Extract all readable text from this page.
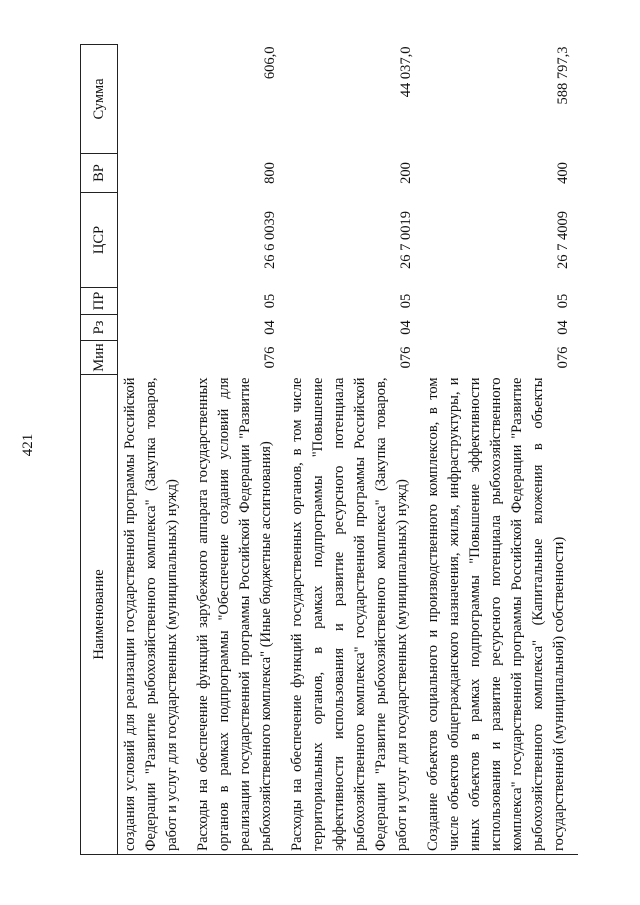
421
Наименование	Мин	Рз	ПР	ЦСР	ВР	Сумма
создания условий для реализации государственной программы Российской Федерации "Развитие рыбохозяйственного комплекса" (Закупка товаров, работ и услуг для государственных (муниципальных) нужд)						
Расходы на обеспечение функций зарубежного аппарата государственных органов в рамках подпрограммы "Обеспечение создания условий для реализации государственной программы Российской Федерации "Развитие рыбохозяйственного комплекса" (Иные бюджетные ассигнования)	076	04	05	26 6 0039	800	606,0
Расходы на обеспечение функций государственных органов, в том числе территориальных органов, в рамках подпрограммы "Повышение эффективности использования и развитие ресурсного потенциала рыбохозяйственного комплекса" государственной программы Российской Федерации "Развитие рыбохозяйственного комплекса" (Закупка товаров, работ и услуг для государственных (муниципальных) нужд)	076	04	05	26 7 0019	200	44 037,0
Создание объектов социального и производственного комплексов, в том числе объектов общегражданского назначения, жилья, инфраструктуры, и иных объектов в рамках подпрограммы "Повышение эффективности использования и развитие ресурсного потенциала рыбохозяйственного комплекса" государственной программы Российской Федерации "Развитие рыбохозяйственного комплекса" (Капитальные вложения в объекты государственной (муниципальной) собственности)	076	04	05	26 7 4009	400	588 797,3
